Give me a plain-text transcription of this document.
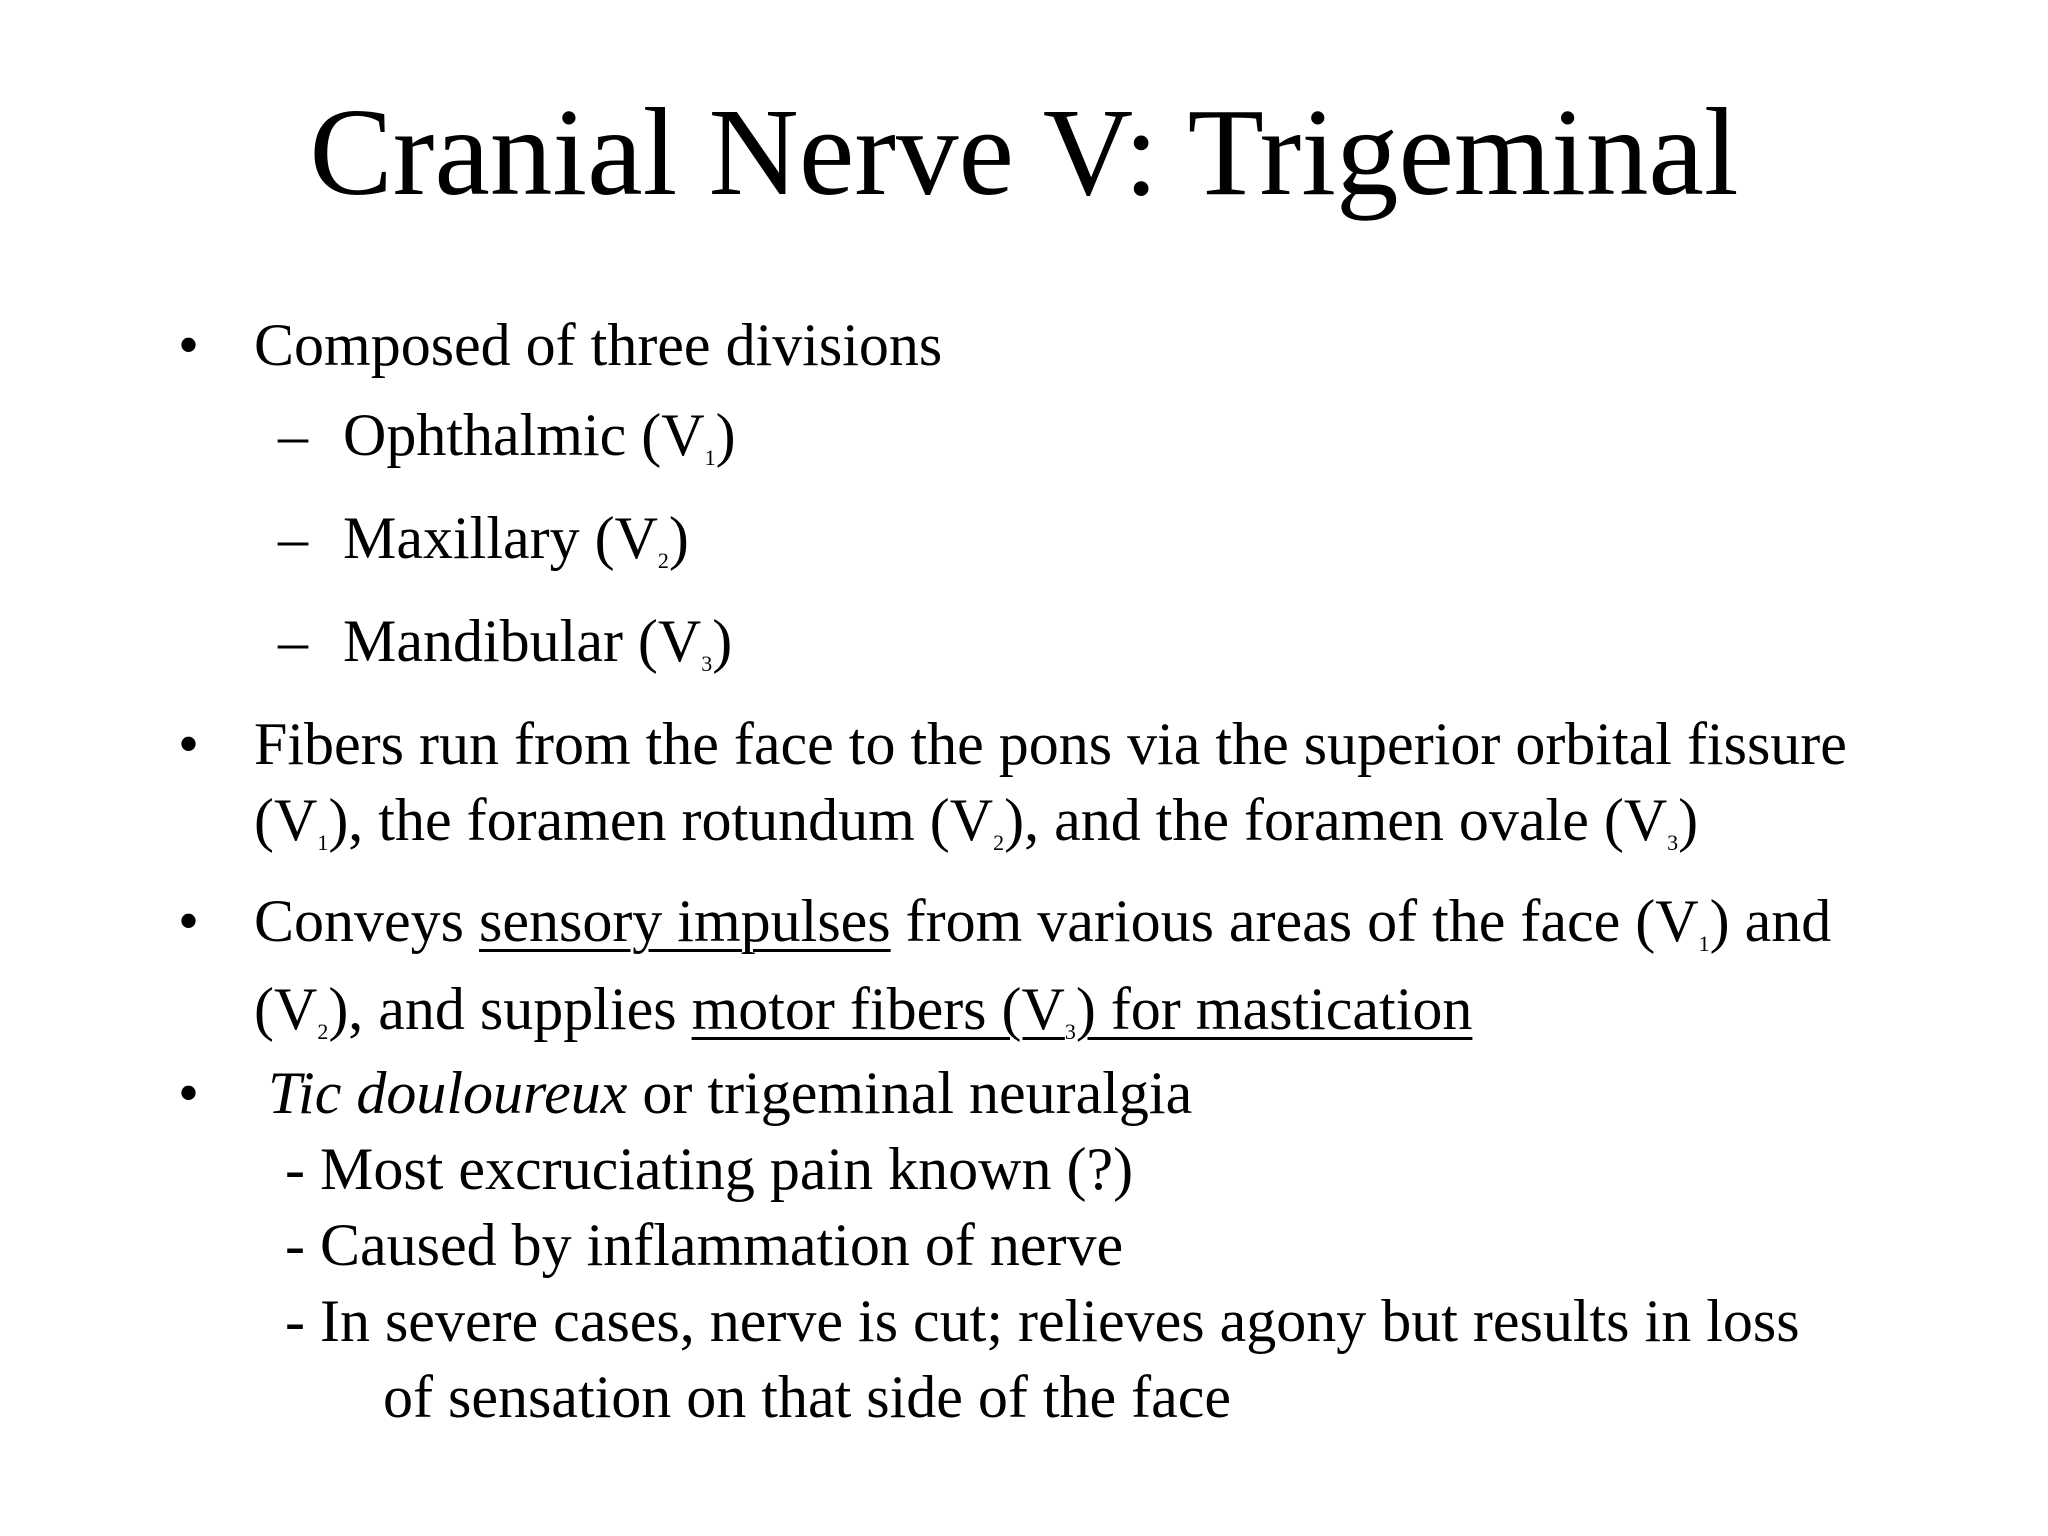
Cranial Nerve V: Trigeminal
• Composed of three divisions
– Ophthalmic $(V_1)$
– Maxillary $(V_2)$
– Mandibular $(V_3)$
• Fibers run from the face to the pons via the superior orbital fissure
$(V_1)$, the foramen rotundum $(V_2)$, and the foramen ovale $(V_3)$
• Conveys sensory impulses from various areas of the face $(V_1)$ and
$(V_2)$, and supplies motor fibers $(V_3)$ for mastication
• Tic douloureux or trigeminal neuralgia
- Most excruciating pain known (?)
- Caused by inflammation of nerve
- In severe cases, nerve is cut; relieves agony but results in loss
of sensation on that side of the face
